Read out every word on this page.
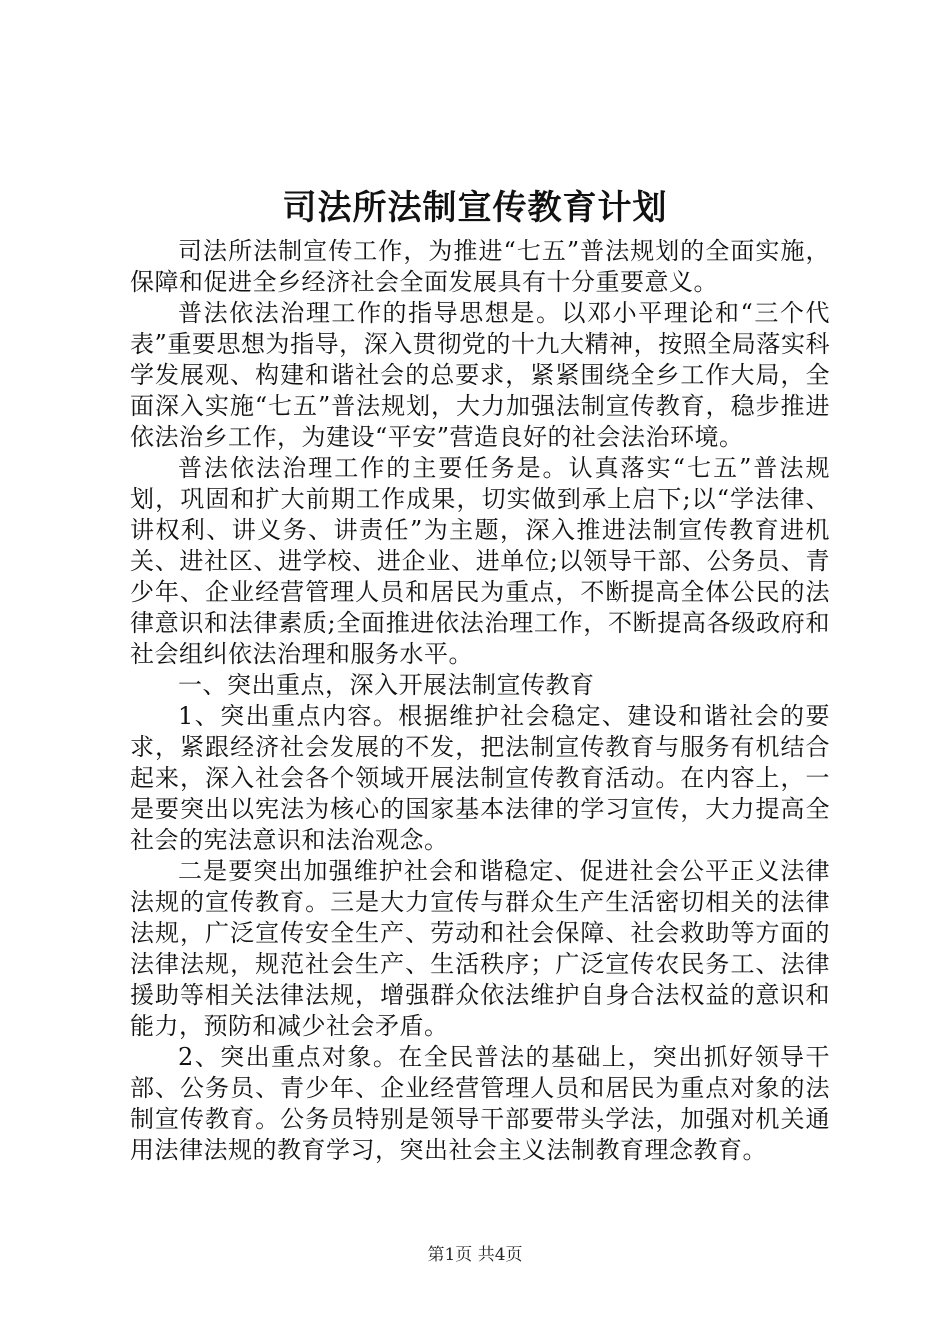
司法所法制宣传教育计划

司法所法制宣传工作，为推进“七五”普法规划的全面实施，保障和促进全乡经济社会全面发展具有十分重要意义。

普法依法治理工作的指导思想是。以邓小平理论和“三个代表”重要思想为指导，深入贯彻党的十九大精神，按照全局落实科学发展观、构建和谐社会的总要求，紧紧围绕全乡工作大局，全面深入实施“七五”普法规划，大力加强法制宣传教育，稳步推进依法治乡工作，为建设“平安”营造良好的社会法治环境。

普法依法治理工作的主要任务是。认真落实“七五”普法规划，巩固和扩大前期工作成果，切实做到承上启下;以“学法律、讲权利、讲义务、讲责任”为主题，深入推进法制宣传教育进机关、进社区、进学校、进企业、进单位;以领导干部、公务员、青少年、企业经营管理人员和居民为重点，不断提高全体公民的法律意识和法律素质;全面推进依法治理工作，不断提高各级政府和社会组纠依法治理和服务水平。

一、突出重点，深入开展法制宣传教育

1、突出重点内容。根据维护社会稳定、建设和谐社会的要求，紧跟经济社会发展的不发，把法制宣传教育与服务有机结合起来，深入社会各个领域开展法制宣传教育活动。在内容上，一是要突出以宪法为核心的国家基本法律的学习宣传，大力提高全社会的宪法意识和法治观念。

二是要突出加强维护社会和谐稳定、促进社会公平正义法律法规的宣传教育。三是大力宣传与群众生产生活密切相关的法律法规，广泛宣传安全生产、劳动和社会保障、社会救助等方面的法律法规，规范社会生产、生活秩序；广泛宣传农民务工、法律援助等相关法律法规，增强群众依法维护自身合法权益的意识和能力，预防和减少社会矛盾。

2、突出重点对象。在全民普法的基础上，突出抓好领导干部、公务员、青少年、企业经营管理人员和居民为重点对象的法制宣传教育。公务员特别是领导干部要带头学法，加强对机关通用法律法规的教育学习，突出社会主义法制教育理念教育。

第1页 共4页
